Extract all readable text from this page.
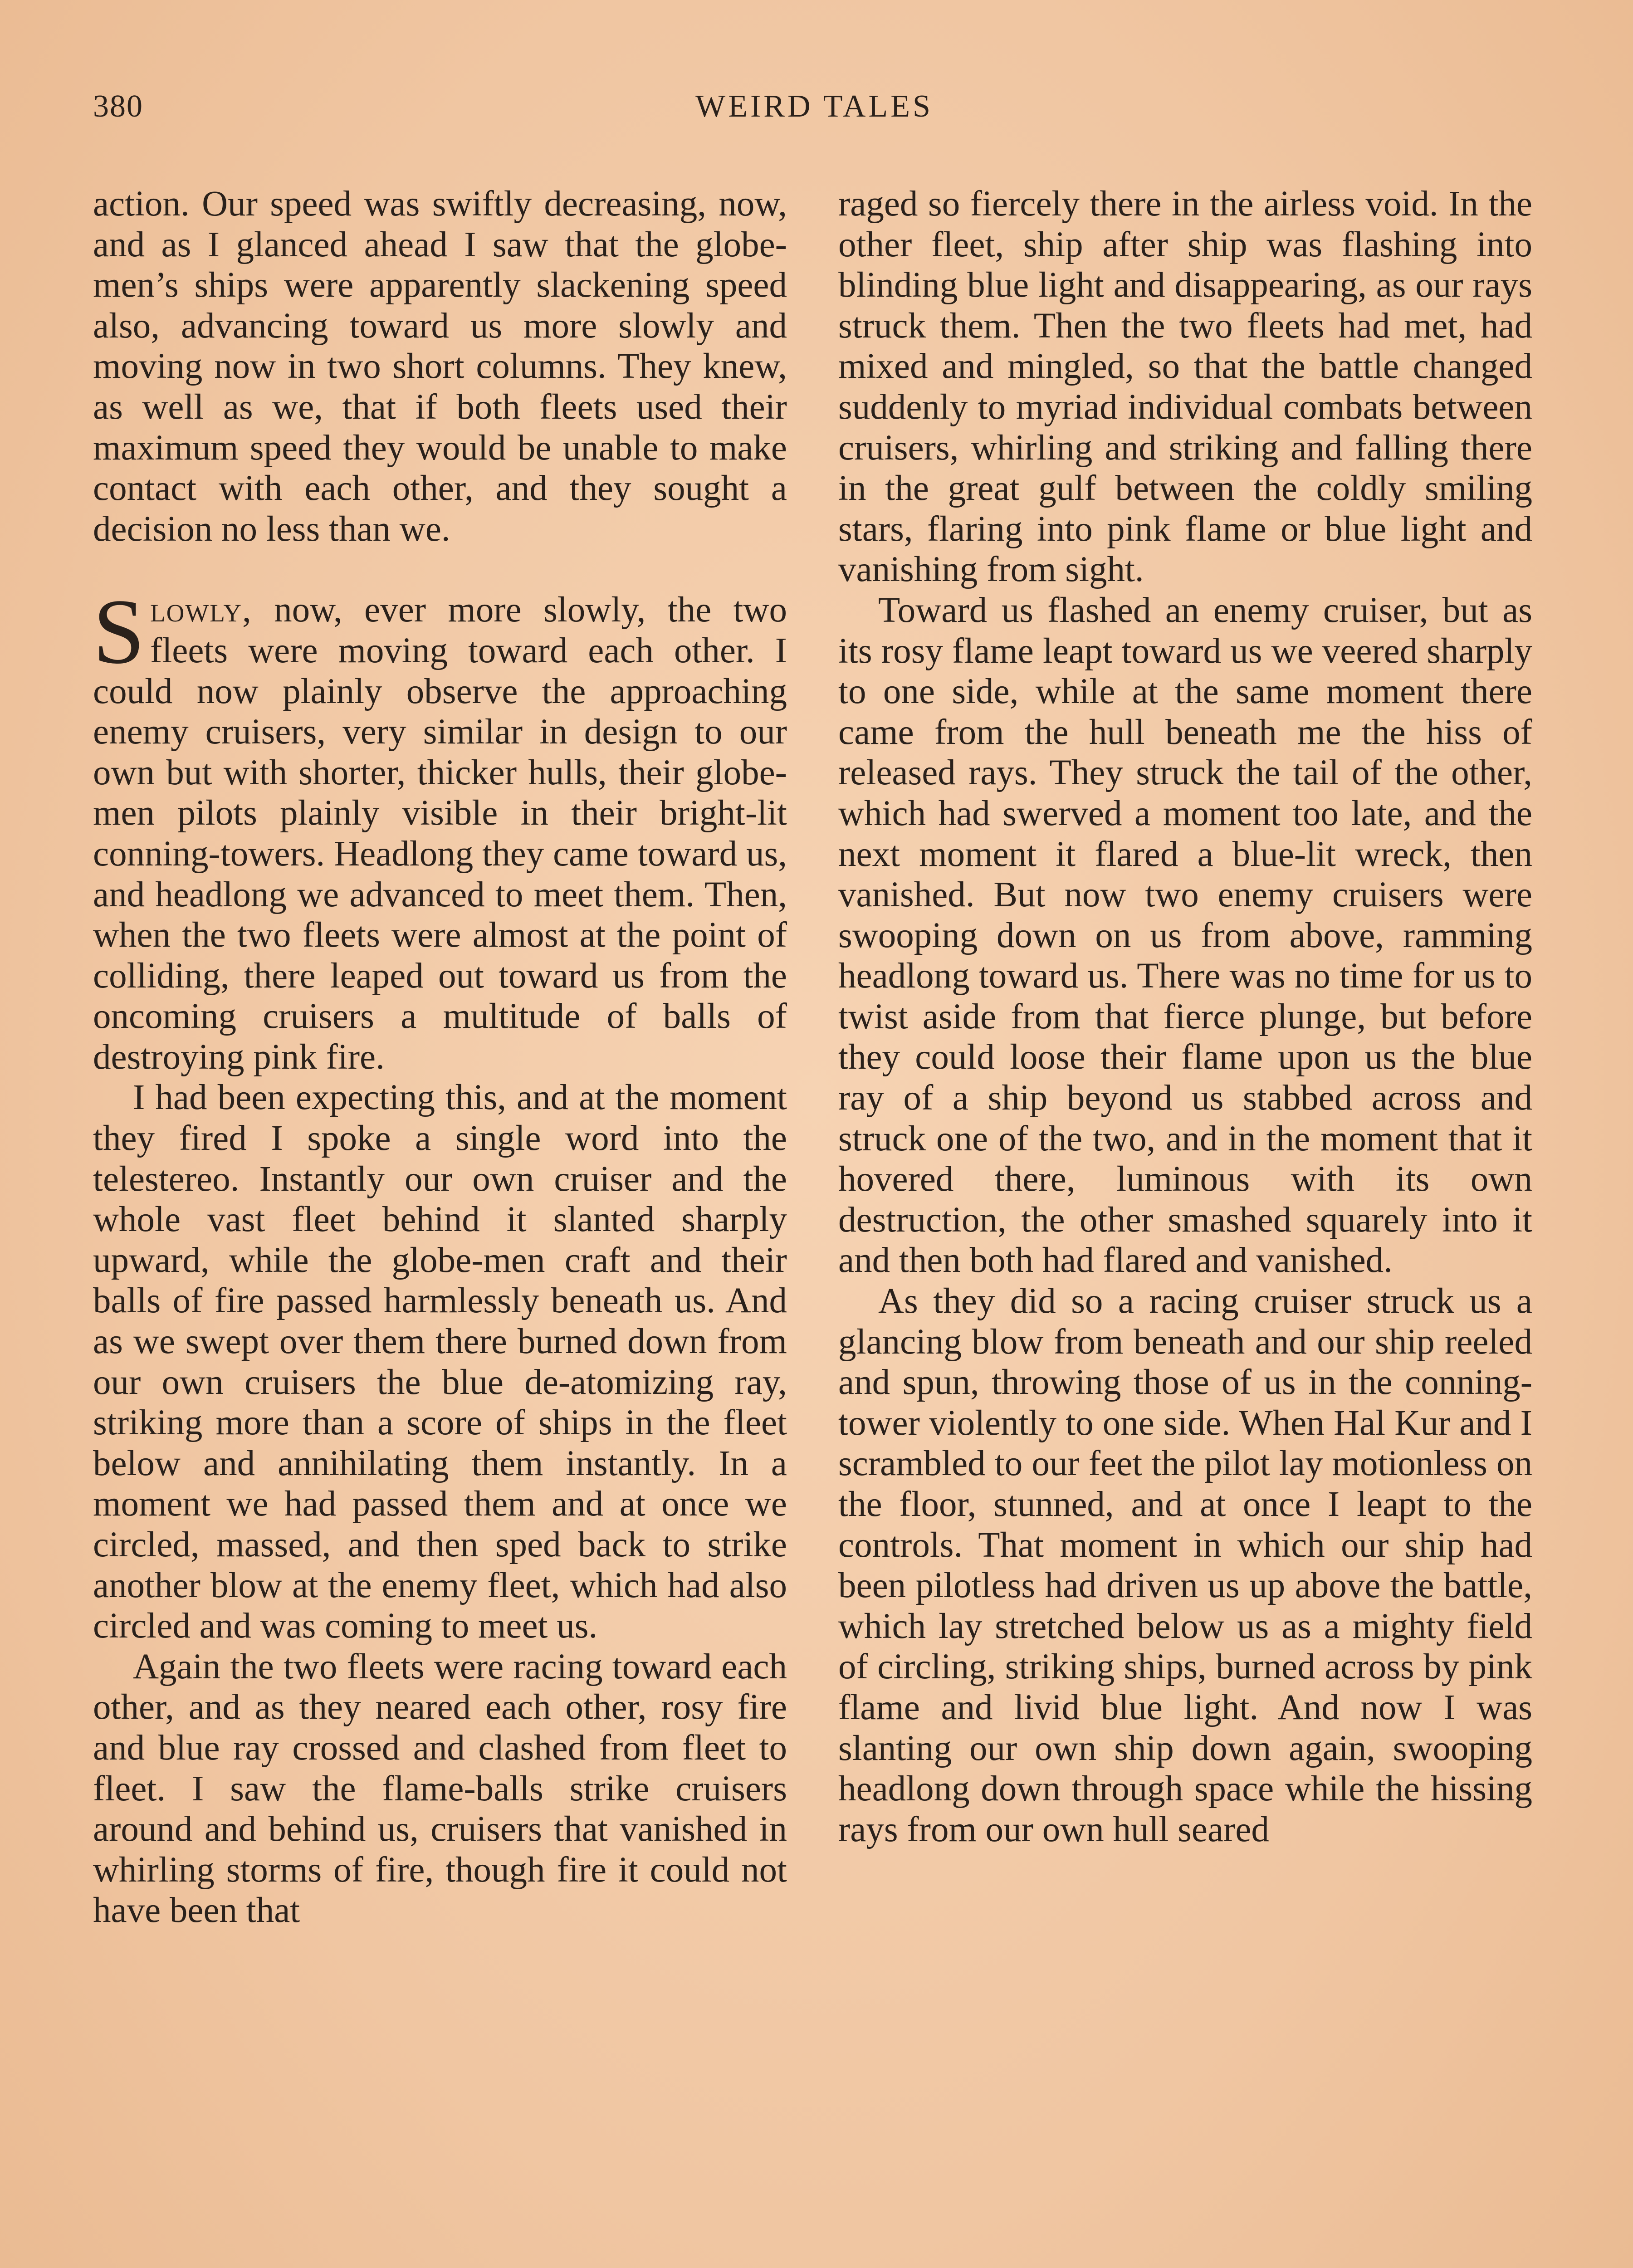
380	WEIRD TALES

action. Our speed was swiftly decreasing, now, and as I glanced ahead I saw that the globe-men’s ships were apparently slackening speed also, advancing toward us more slowly and moving now in two short columns. They knew, as well as we, that if both fleets used their maximum speed they would be unable to make contact with each other, and they sought a decision no less than we.

Slowly, now, ever more slowly, the two fleets were moving toward each other. I could now plainly observe the approaching enemy cruisers, very similar in design to our own but with shorter, thicker hulls, their globe-men pilots plainly visible in their bright-lit conning-towers. Headlong they came toward us, and headlong we advanced to meet them. Then, when the two fleets were almost at the point of colliding, there leaped out toward us from the oncoming cruisers a multitude of balls of destroying pink fire.

I had been expecting this, and at the moment they fired I spoke a single word into the telestereo. Instantly our own cruiser and the whole vast fleet behind it slanted sharply upward, while the globe-men craft and their balls of fire passed harmlessly beneath us. And as we swept over them there burned down from our own cruisers the blue de-atomizing ray, striking more than a score of ships in the fleet below and annihilating them instantly. In a moment we had passed them and at once we circled, massed, and then sped back to strike another blow at the enemy fleet, which had also circled and was coming to meet us.

Again the two fleets were racing toward each other, and as they neared each other, rosy fire and blue ray crossed and clashed from fleet to fleet. I saw the flame-balls strike cruisers around and behind us, cruisers that vanished in whirling storms of fire, though fire it could not have been that

raged so fiercely there in the airless void. In the other fleet, ship after ship was flashing into blinding blue light and disappearing, as our rays struck them. Then the two fleets had met, had mixed and mingled, so that the battle changed suddenly to myriad individual combats between cruisers, whirling and striking and falling there in the great gulf between the coldly smiling stars, flaring into pink flame or blue light and vanishing from sight.

Toward us flashed an enemy cruiser, but as its rosy flame leapt toward us we veered sharply to one side, while at the same moment there came from the hull beneath me the hiss of released rays. They struck the tail of the other, which had swerved a moment too late, and the next moment it flared a blue-lit wreck, then vanished. But now two enemy cruisers were swooping down on us from above, ramming headlong toward us. There was no time for us to twist aside from that fierce plunge, but before they could loose their flame upon us the blue ray of a ship beyond us stabbed across and struck one of the two, and in the moment that it hovered there, luminous with its own destruction, the other smashed squarely into it and then both had flared and vanished.

As they did so a racing cruiser struck us a glancing blow from beneath and our ship reeled and spun, throwing those of us in the conning-tower violently to one side. When Hal Kur and I scrambled to our feet the pilot lay motionless on the floor, stunned, and at once I leapt to the controls. That moment in which our ship had been pilotless had driven us up above the battle, which lay stretched below us as a mighty field of circling, striking ships, burned across by pink flame and livid blue light. And now I was slanting our own ship down again, swooping headlong down through space while the hissing rays from our own hull seared
